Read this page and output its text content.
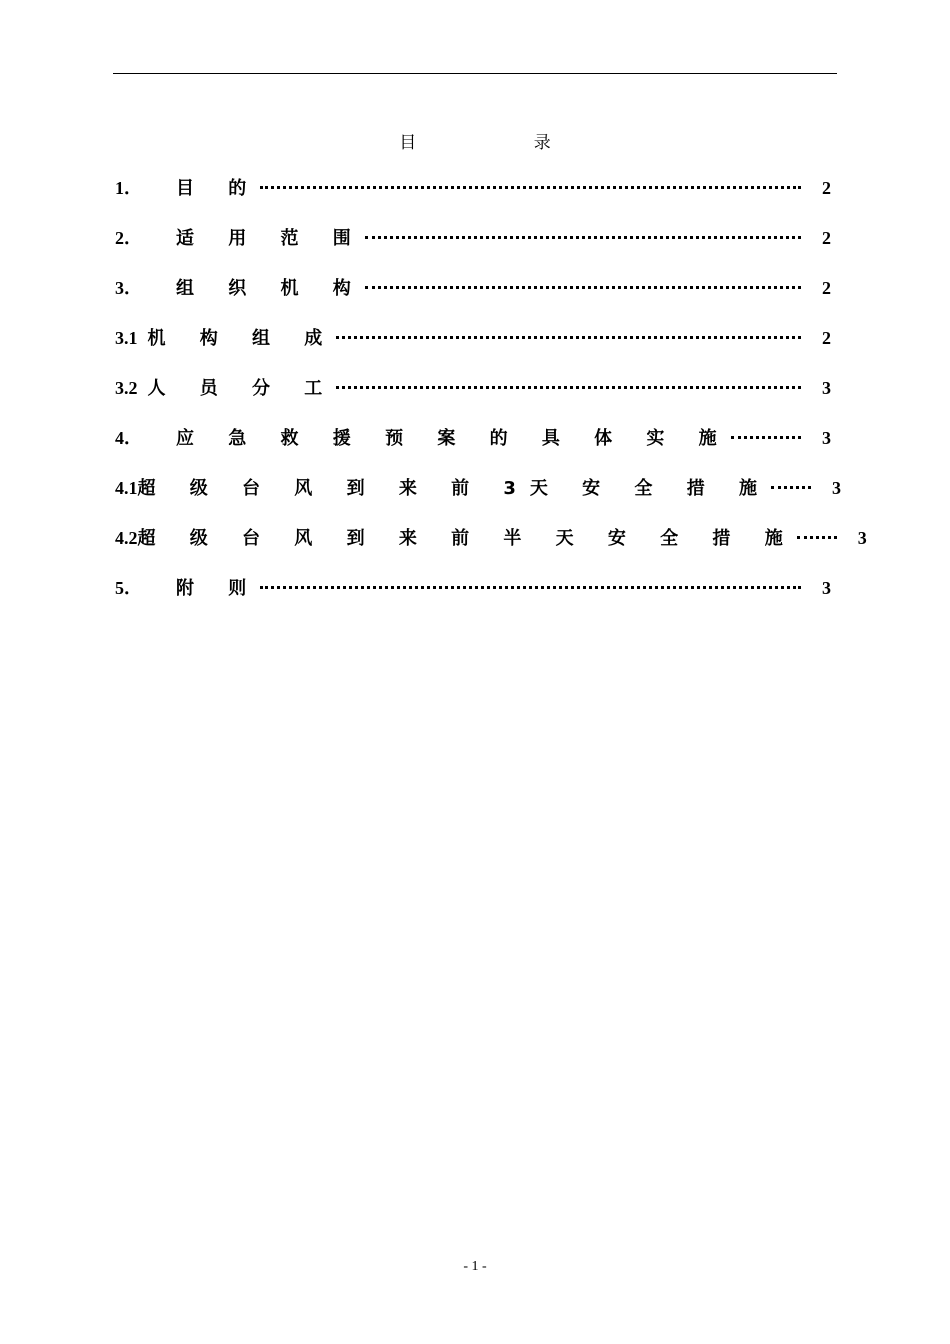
目 录
1． 目 的	2
2． 适 用 范 围	2
3． 组 织 机 构	2
3.1 机 构 组 成	2
3.2 人 员 分 工	3
4． 应 急 救 援 预 案 的 具 体 实 施	3
4.1 超 级 台 风 到 来 前 3天 安 全 措 施	3
4.2 超 级 台 风 到 来 前 半 天 安 全 措 施	3
5． 附 则	3
- 1 -
